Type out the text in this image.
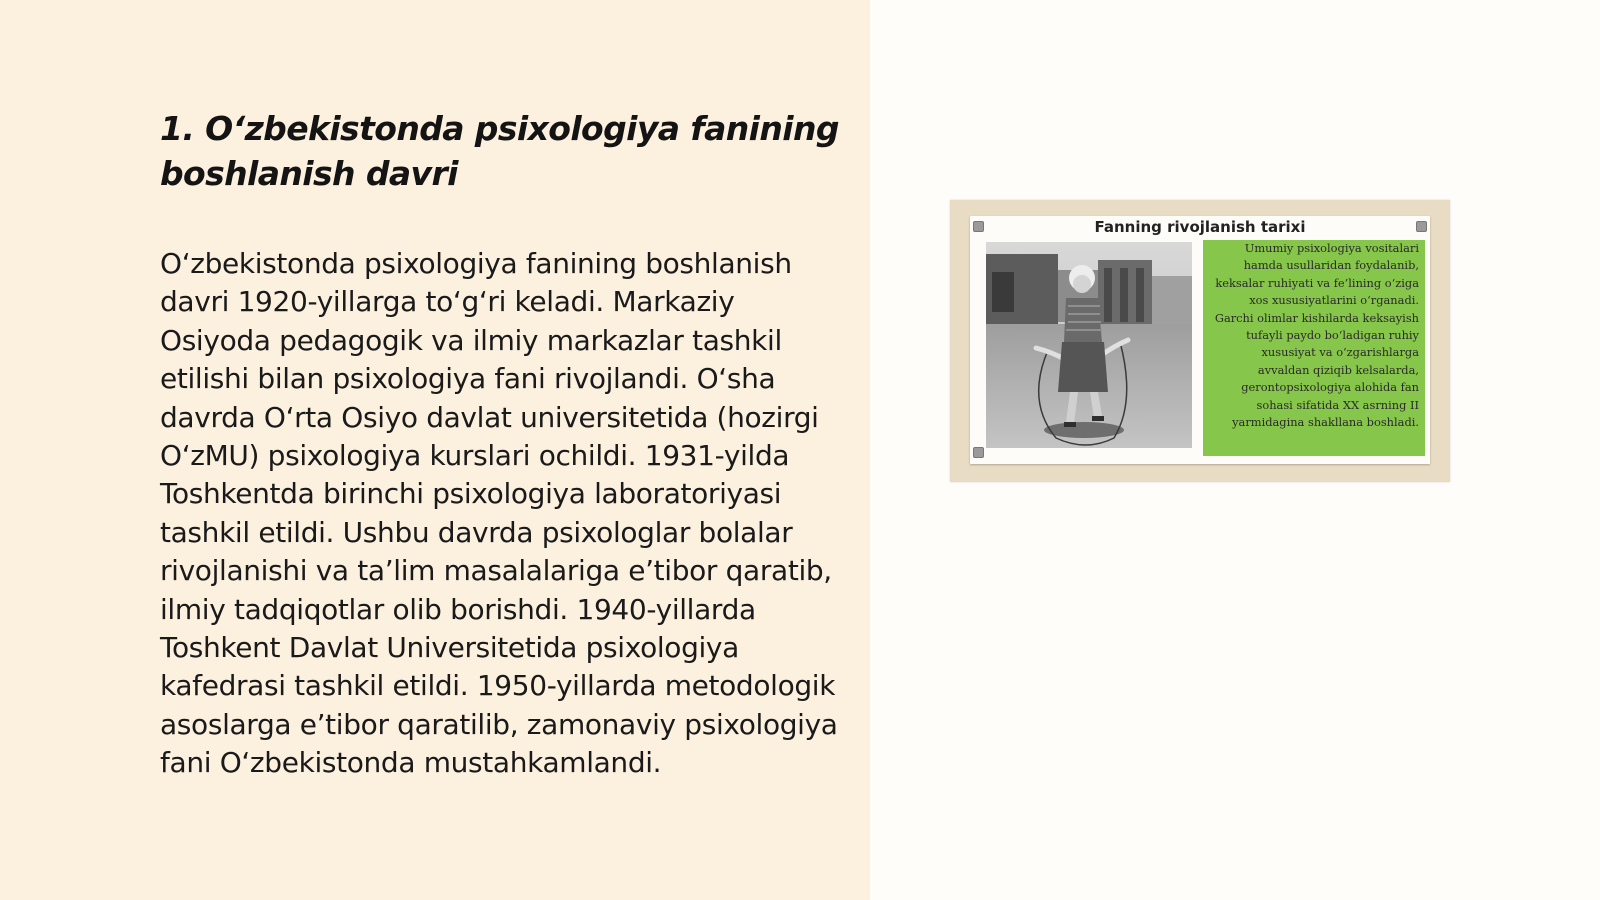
1. O‘zbekistonda psixologiya fanining boshlanish davri

O‘zbekistonda psixologiya fanining boshlanish davri 1920-yillarga to‘g‘ri keladi. Markaziy Osiyoda pedagogik va ilmiy markazlar tashkil etilishi bilan psixologiya fani rivojlandi. O‘sha davrda O‘rta Osiyo davlat universitetida (hozirgi O‘zMU) psixologiya kurslari ochildi. 1931-yilda Toshkentda birinchi psixologiya laboratoriyasi tashkil etildi. Ushbu davrda psixologlar bolalar rivojlanishi va ta’lim masalalariga e’tibor qaratib, ilmiy tadqiqotlar olib borishdi. 1940-yillarda Toshkent Davlat Universitetida psixologiya kafedrasi tashkil etildi. 1950-yillarda metodologik asoslarga e’tibor qaratilib, zamonaviy psixologiya fani O‘zbekistonda mustahkamlandi.

Fanning rivojlanish tarixi
Umumiy psixologiya vositalari hamda usullaridan foydalanib, keksalar ruhiyati va fe’lining o‘ziga xos xususiyatlarini o‘rganadi. Garchi olimlar kishilarda keksayish tufayli paydo bo‘ladigan ruhiy xususiyat va o‘zgarishlarga avvaldan qiziqib kelsalarda, gerontopsixologiya alohida fan sohasi sifatida XX asrning II yarmidagina shakllana boshladi.
